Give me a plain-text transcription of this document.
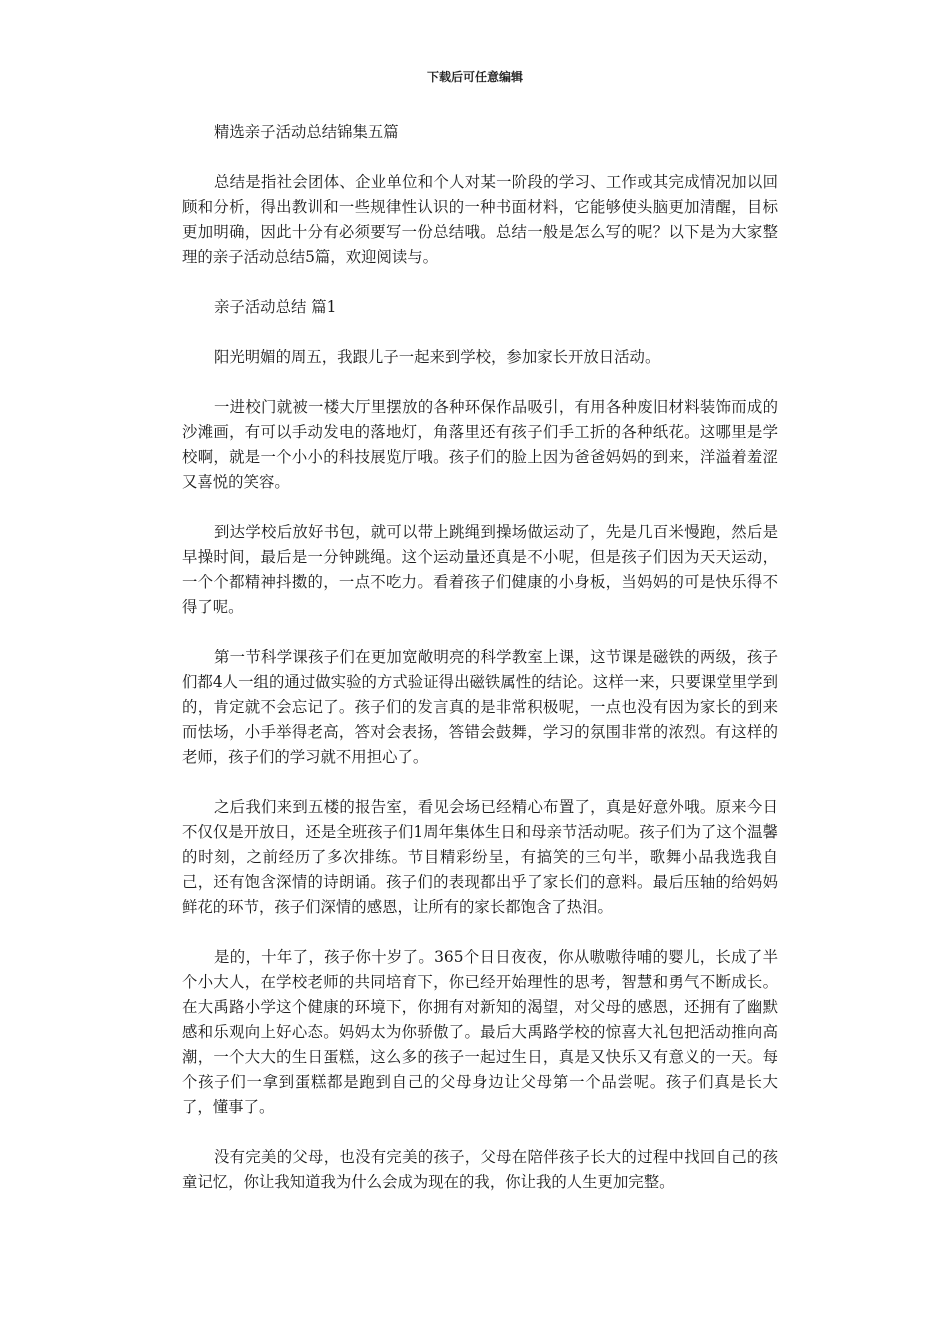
下载后可任意编辑

精选亲子活动总结锦集五篇

总结是指社会团体、企业单位和个人对某一阶段的学习、工作或其完成情况加以回顾和分析，得出教训和一些规律性认识的一种书面材料，它能够使头脑更加清醒，目标更加明确，因此十分有必须要写一份总结哦。总结一般是怎么写的呢？以下是为大家整理的亲子活动总结5篇，欢迎阅读与。

亲子活动总结 篇1

阳光明媚的周五，我跟儿子一起来到学校，参加家长开放日活动。

一进校门就被一楼大厅里摆放的各种环保作品吸引，有用各种废旧材料装饰而成的沙滩画，有可以手动发电的落地灯，角落里还有孩子们手工折的各种纸花。这哪里是学校啊，就是一个小小的科技展览厅哦。孩子们的脸上因为爸爸妈妈的到来，洋溢着羞涩又喜悦的笑容。

到达学校后放好书包，就可以带上跳绳到操场做运动了，先是几百米慢跑，然后是早操时间，最后是一分钟跳绳。这个运动量还真是不小呢，但是孩子们因为天天运动，一个个都精神抖擞的，一点不吃力。看着孩子们健康的小身板，当妈妈的可是快乐得不得了呢。

第一节科学课孩子们在更加宽敞明亮的科学教室上课，这节课是磁铁的两级，孩子们都4人一组的通过做实验的方式验证得出磁铁属性的结论。这样一来，只要课堂里学到的，肯定就不会忘记了。孩子们的发言真的是非常积极呢，一点也没有因为家长的到来而怯场，小手举得老高，答对会表扬，答错会鼓舞，学习的氛围非常的浓烈。有这样的老师，孩子们的学习就不用担心了。

之后我们来到五楼的报告室，看见会场已经精心布置了，真是好意外哦。原来今日不仅仅是开放日，还是全班孩子们1周年集体生日和母亲节活动呢。孩子们为了这个温馨的时刻，之前经历了多次排练。节目精彩纷呈，有搞笑的三句半，歌舞小品我选我自己，还有饱含深情的诗朗诵。孩子们的表现都出乎了家长们的意料。最后压轴的给妈妈鲜花的环节，孩子们深情的感恩，让所有的家长都饱含了热泪。

是的，十年了，孩子你十岁了。365个日日夜夜，你从嗷嗷待哺的婴儿，长成了半个小大人，在学校老师的共同培育下，你已经开始理性的思考，智慧和勇气不断成长。在大禹路小学这个健康的环境下，你拥有对新知的渴望，对父母的感恩，还拥有了幽默感和乐观向上好心态。妈妈太为你骄傲了。最后大禹路学校的惊喜大礼包把活动推向高潮，一个大大的生日蛋糕，这么多的孩子一起过生日，真是又快乐又有意义的一天。每个孩子们一拿到蛋糕都是跑到自己的父母身边让父母第一个品尝呢。孩子们真是长大了，懂事了。

没有完美的父母，也没有完美的孩子，父母在陪伴孩子长大的过程中找回自己的孩童记忆，你让我知道我为什么会成为现在的我，你让我的人生更加完整。
